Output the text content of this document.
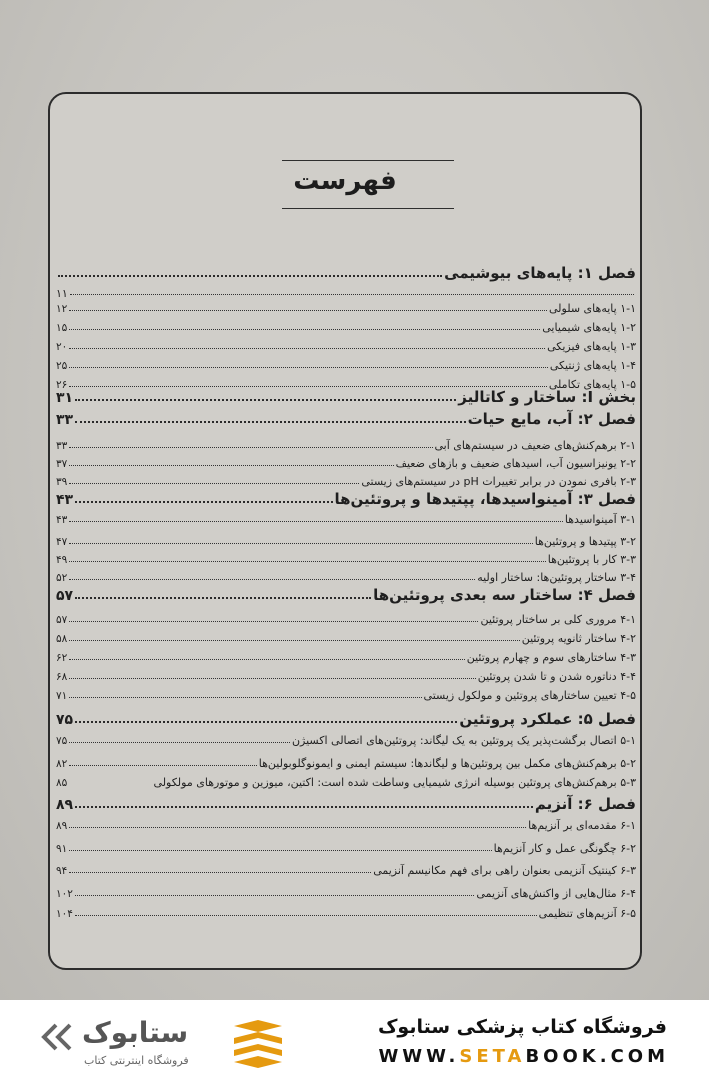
فهرست
فصل ۱: پایه‌های بیوشیمی
۱۱
۱-۱ پایه‌های سلولی
۱۲
۱-۲ پایه‌های شیمیایی
۱۵
۱-۳ پایه‌های فیزیکی
۲۰
۱-۴ پایه‌های ژنتیکی
۲۵
۱-۵ پایه‌های تکاملی
۲۶
بخش I: ساختار و کاتالیز
۳۱
فصل ۲: آب، مایع حیات
۳۳
۲-۱ برهم‌کنش‌های ضعیف در سیستم‌های آبی
۳۳
۲-۲ یونیزاسیون آب، اسیدهای ضعیف و بازهای ضعیف
۳۷
۲-۳ بافری نمودن در برابر تغییرات pH در سیستم‌های زیستی
۳۹
فصل ۳: آمینواسیدها، پپتیدها و پروتئین‌ها
۴۳
۳-۱ آمینواسیدها
۴۳
۳-۲ پپتیدها و پروتئین‌ها
۴۷
۳-۳ کار با پروتئین‌ها
۴۹
۳-۴ ساختار پروتئین‌ها: ساختار اولیه
۵۲
فصل ۴: ساختار سه بعدی پروتئین‌ها
۵۷
۴-۱ مروری کلی بر ساختار پروتئین
۵۷
۴-۲ ساختار ثانویه پروتئین
۵۸
۴-۳ ساختارهای سوم و چهارم پروتئین
۶۲
۴-۴ دناتوره شدن و تا شدن پروتئین
۶۸
۴-۵ تعیین ساختارهای پروتئین و مولکول زیستی
۷۱
فصل ۵: عملکرد پروتئین
۷۵
۵-۱ اتصال برگشت‌پذیر یک پروتئین به یک لیگاند: پروتئین‌های اتصالی اکسیژن
۷۵
۵-۲ برهم‌کنش‌های مکمل بین پروتئین‌ها و لیگاندها: سیستم ایمنی و ایمونوگلوبولین‌ها
۸۲
۵-۳ برهم‌کنش‌های پروتئین بوسیله انرژی شیمیایی وساطت شده است: اکتین، میوزین و موتورهای مولکولی
۸۵
فصل ۶: آنزیم
۸۹
۶-۱ مقدمه‌ای بر آنزیم‌ها
۸۹
۶-۲ چگونگی عمل و کار آنزیم‌ها
۹۱
۶-۳ کینتیک آنزیمی بعنوان راهی برای فهم مکانیسم آنزیمی
۹۴
۶-۴ مثال‌هایی از واکنش‌های آنزیمی
۱۰۲
۶-۵ آنزیم‌های تنظیمی
۱۰۴
ستابوک
فروشگاه اینترنتی کتاب
فروشگاه کتاب پزشکی ستابوک
WWW.SETABOOK.COM
